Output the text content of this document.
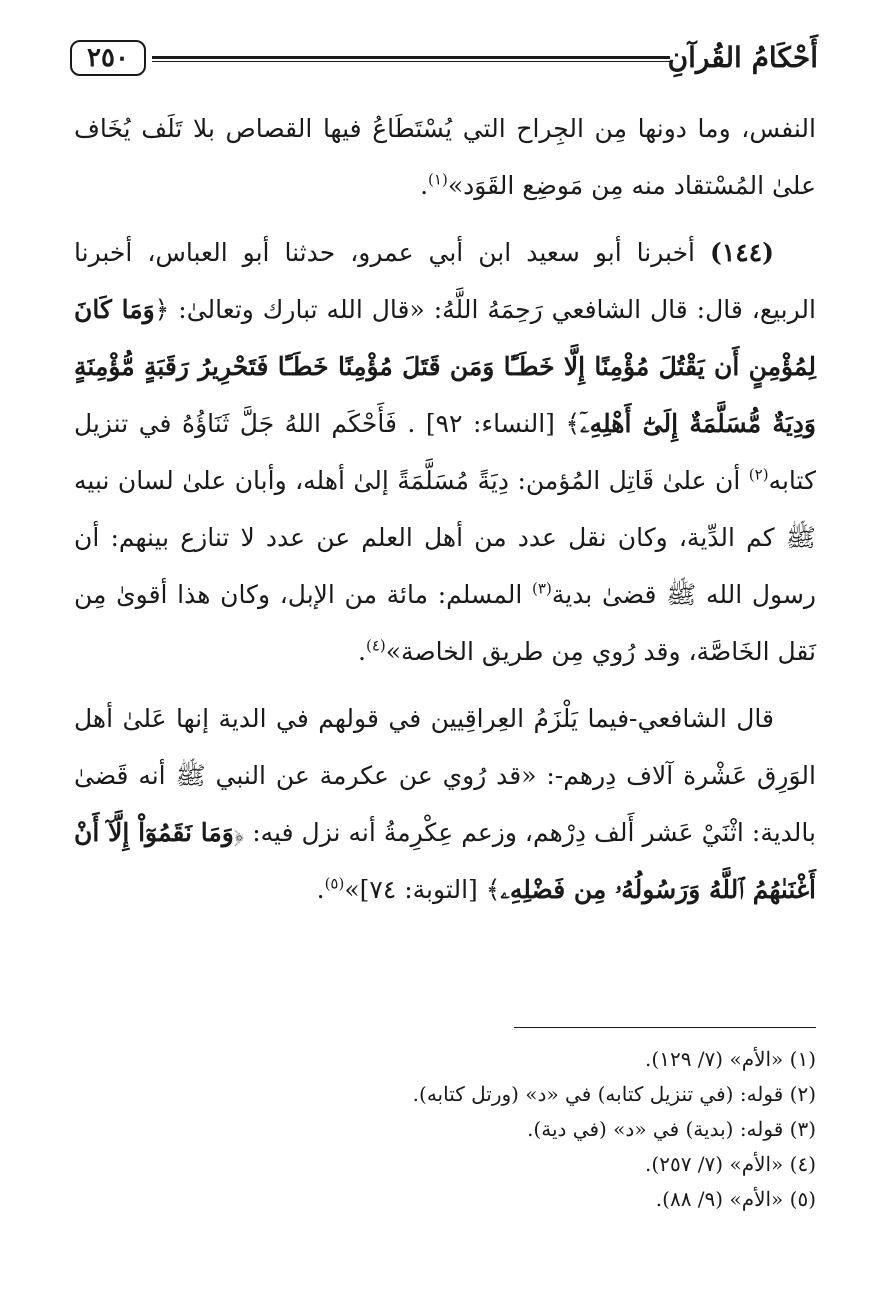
أَحْكَامُ القُرآنِ
٢٥٠

النفس، وما دونها مِن الجِراح التي يُسْتَطَاعُ فيها القصاص بلا تَلَف يُخَاف علىٰ المُسْتقاد منه مِن مَوضِع القَوَد»$^{(١)}$.

(١٤٤) أخبرنا أبو سعيد ابن أبي عمرو، حدثنا أبو العباس، أخبرنا الربيع، قال: قال الشافعي رَحِمَهُ اللَّهُ: «قال الله تبارك وتعالىٰ: ﴿وَمَا كَانَ لِمُؤْمِنٍ أَن يَقْتُلَ مُؤْمِنًا إِلَّا خَطَـًٔا وَمَن قَتَلَ مُؤْمِنًا خَطَـًٔا فَتَحْرِيرُ رَقَبَةٍ مُّؤْمِنَةٍ وَدِيَةٌ مُّسَلَّمَةٌ إِلَىٰٓ أَهْلِهِۦٓ﴾ [النساء: ٩٢] . فَأَحْكَم اللهُ جَلَّ ثَنَاؤُهُ في تنزيل كتابه$^{(٢)}$ أن علىٰ قَاتِل المُؤمن: دِيَةً مُسَلَّمَةً إلىٰ أهله، وأبان علىٰ لسان نبيه ﷺ كم الدِّية، وكان نقل عدد من أهل العلم عن عدد لا تنازع بينهم: أن رسول الله ﷺ قضىٰ بدية$^{(٣)}$ المسلم: مائة من الإبل، وكان هذا أقوىٰ مِن نَقل الخَاصَّة، وقد رُوي مِن طريق الخاصة»$^{(٤)}$.

قال الشافعي-فيما يَلْزَمُ العِراقِيين في قولهم في الدية إنها عَلىٰ أهل الوَرِق عَشْرة آلاف دِرهم-: «قد رُوي عن عكرمة عن النبي ﷺ أنه قَضىٰ بالدية: اثْنَيْ عَشر أَلف دِرْهم، وزعم عِكْرِمةُ أنه نزل فيه: ﴿وَمَا نَقَمُوٓاْ إِلَّآ أَنْ أَغْنَىٰهُمُ ٱللَّهُ وَرَسُولُهُۥ مِن فَضْلِهِۦ﴾ [التوبة: ٧٤]»$^{(٥)}$.

(١) «الأم» (٧/ ١٢٩).
(٢) قوله: (في تنزيل كتابه) في «د» (ورتل كتابه).
(٣) قوله: (بدية) في «د» (في دية).
(٤) «الأم» (٧/ ٢٥٧).
(٥) «الأم» (٩/ ٨٨).
